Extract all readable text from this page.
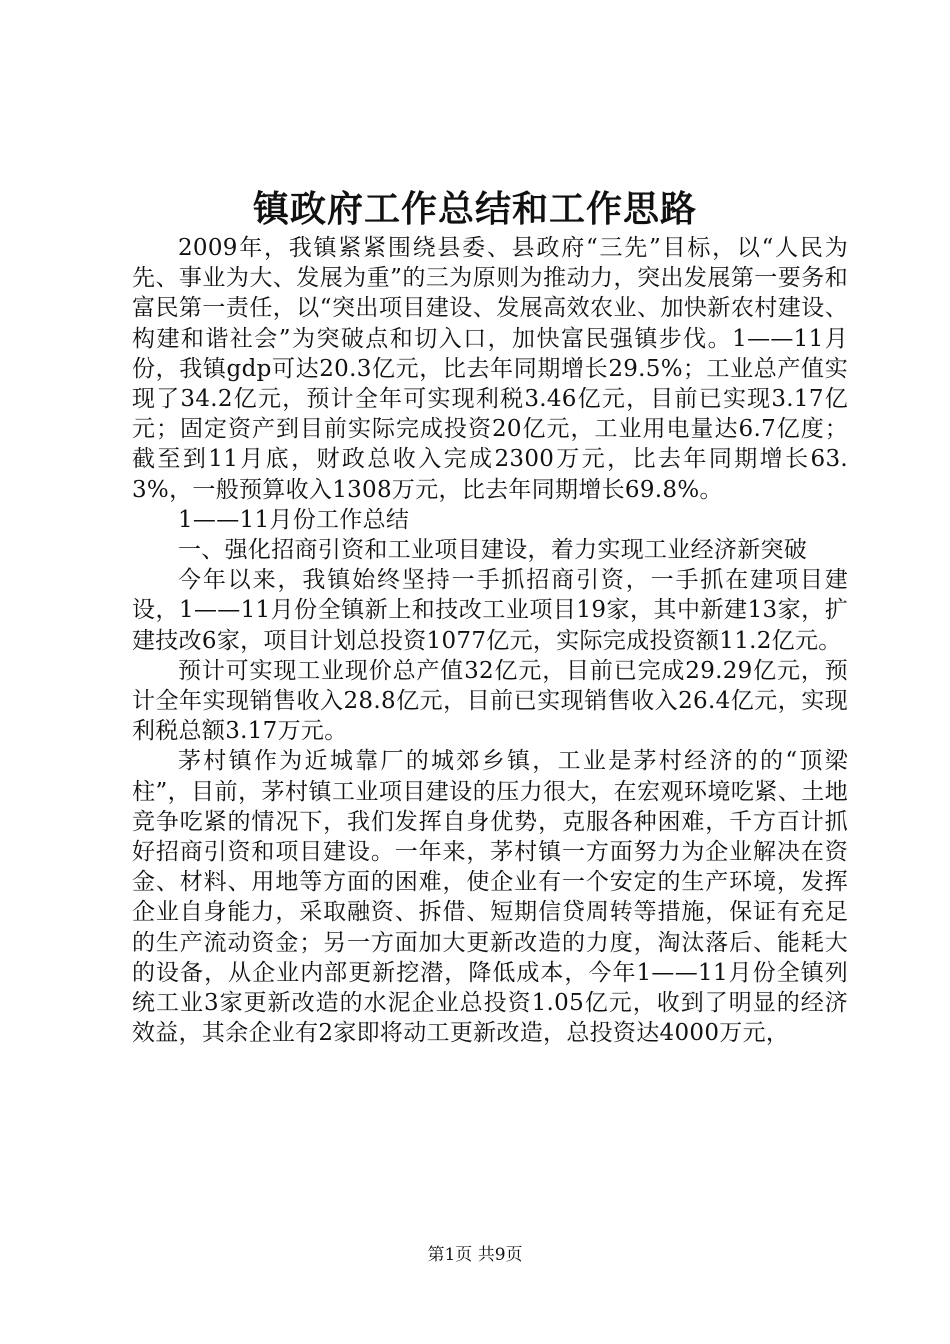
镇政府工作总结和工作思路

2009年，我镇紧紧围绕县委、县政府“三先”目标，以“人民为先、事业为大、发展为重”的三为原则为推动力，突出发展第一要务和富民第一责任，以“突出项目建设、发展高效农业、加快新农村建设、构建和谐社会”为突破点和切入口，加快富民强镇步伐。1——11月份，我镇gdp可达20.3亿元，比去年同期增长29.5%；工业总产值实现了34.2亿元，预计全年可实现利税3.46亿元，目前已实现3.17亿元；固定资产到目前实际完成投资20亿元，工业用电量达6.7亿度；截至到11月底，财政总收入完成2300万元，比去年同期增长63.3%，一般预算收入1308万元，比去年同期增长69.8%。

1——11月份工作总结

一、强化招商引资和工业项目建设，着力实现工业经济新突破

今年以来，我镇始终坚持一手抓招商引资，一手抓在建项目建设，1——11月份全镇新上和技改工业项目19家，其中新建13家，扩建技改6家，项目计划总投资1077亿元，实际完成投资额11.2亿元。

预计可实现工业现价总产值32亿元，目前已完成29.29亿元，预计全年实现销售收入28.8亿元，目前已实现销售收入26.4亿元，实现利税总额3.17万元。

茅村镇作为近城靠厂的城郊乡镇，工业是茅村经济的的“顶梁柱”，目前，茅村镇工业项目建设的压力很大，在宏观环境吃紧、土地竞争吃紧的情况下，我们发挥自身优势，克服各种困难，千方百计抓好招商引资和项目建设。一年来，茅村镇一方面努力为企业解决在资金、材料、用地等方面的困难，使企业有一个安定的生产环境，发挥企业自身能力，采取融资、拆借、短期信贷周转等措施，保证有充足的生产流动资金；另一方面加大更新改造的力度，淘汰落后、能耗大的设备，从企业内部更新挖潜，降低成本，今年1——11月份全镇列统工业3家更新改造的水泥企业总投资1.05亿元，收到了明显的经济效益，其余企业有2家即将动工更新改造，总投资达4000万元，

第1页 共9页
